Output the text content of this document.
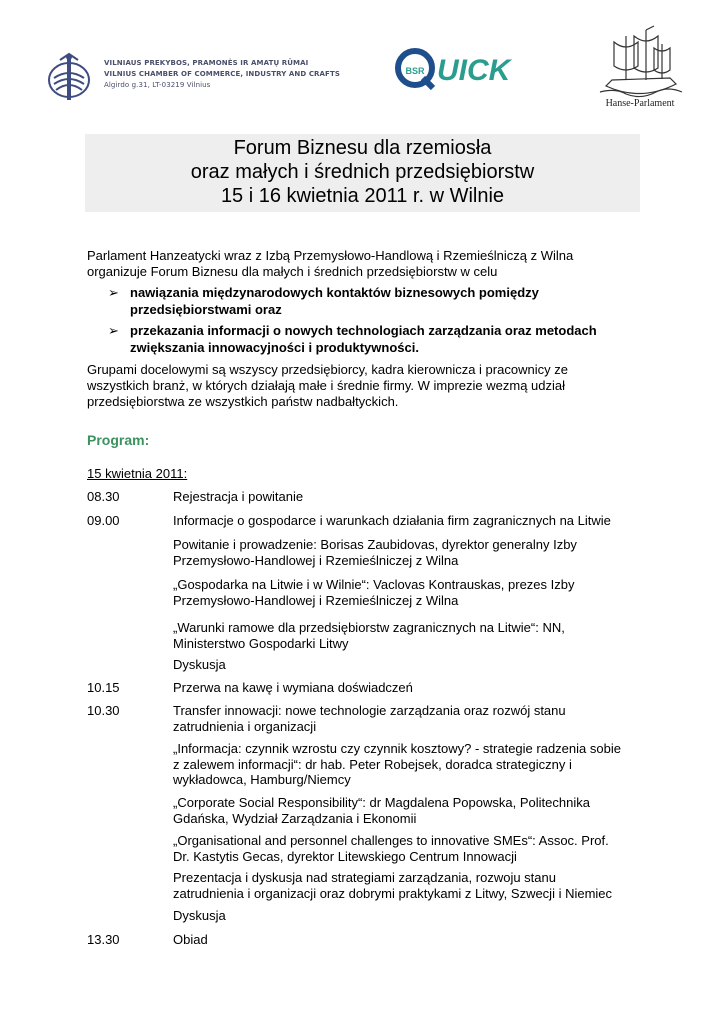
VILNIAUS PREKYBOS, PRAMONĖS IR AMATŲ RŪMAI
VILNIUS CHAMBER OF COMMERCE, INDUSTRY AND CRAFTS
Algirdo g.31, LT-03219 Vilnius
BSR UICK
Hanse-Parlament
Forum Biznesu dla rzemiosła
oraz małych i średnich przedsiębiorstw
15 i 16 kwietnia 2011 r. w Wilnie
Parlament Hanzeatycki wraz z Izbą Przemysłowo-Handlową i Rzemieślniczą z Wilna
organizuje Forum Biznesu dla małych i średnich przedsiębiorstw w celu
➢ nawiązania międzynarodowych kontaktów biznesowych pomiędzy
przedsiębiorstwami oraz
➢ przekazania informacji o nowych technologiach zarządzania oraz metodach
zwiększania innowacyjności i produktywności.
Grupami docelowymi są wszyscy przedsiębiorcy, kadra kierownicza i pracownicy ze
wszystkich branż, w których działają małe i średnie firmy. W imprezie wezmą udział
przedsiębiorstwa ze wszystkich państw nadbałtyckich.
Program:
15 kwietnia 2011:
08.30	Rejestracja i powitanie
09.00	Informacje o gospodarce i warunkach działania firm zagranicznych na Litwie
Powitanie i prowadzenie: Borisas Zaubidovas, dyrektor generalny Izby
Przemysłowo-Handlowej i Rzemieślniczej z Wilna
„Gospodarka na Litwie i w Wilnie“: Vaclovas Kontrauskas, prezes Izby
Przemysłowo-Handlowej i Rzemieślniczej z Wilna
„Warunki ramowe dla przedsiębiorstw zagranicznych na Litwie“: NN,
Ministerstwo Gospodarki Litwy
Dyskusja
10.15	Przerwa na kawę i wymiana doświadczeń
10.30	Transfer innowacji: nowe technologie zarządzania oraz rozwój stanu
zatrudnienia i organizacji
„Informacja: czynnik wzrostu czy czynnik kosztowy? - strategie radzenia sobie
z zalewem informacji“: dr hab. Peter Robejsek, doradca strategiczny i
wykładowca, Hamburg/Niemcy
„Corporate Social Responsibility“: dr Magdalena Popowska, Politechnika
Gdańska, Wydział Zarządzania i Ekonomii
„Organisational and personnel challenges to innovative SMEs“: Assoc. Prof.
Dr. Kastytis Gecas, dyrektor Litewskiego Centrum Innowacji
Prezentacja i dyskusja nad strategiami zarządzania, rozwoju stanu
zatrudnienia i organizacji oraz dobrymi praktykami z Litwy, Szwecji i Niemiec
Dyskusja
13.30	Obiad
